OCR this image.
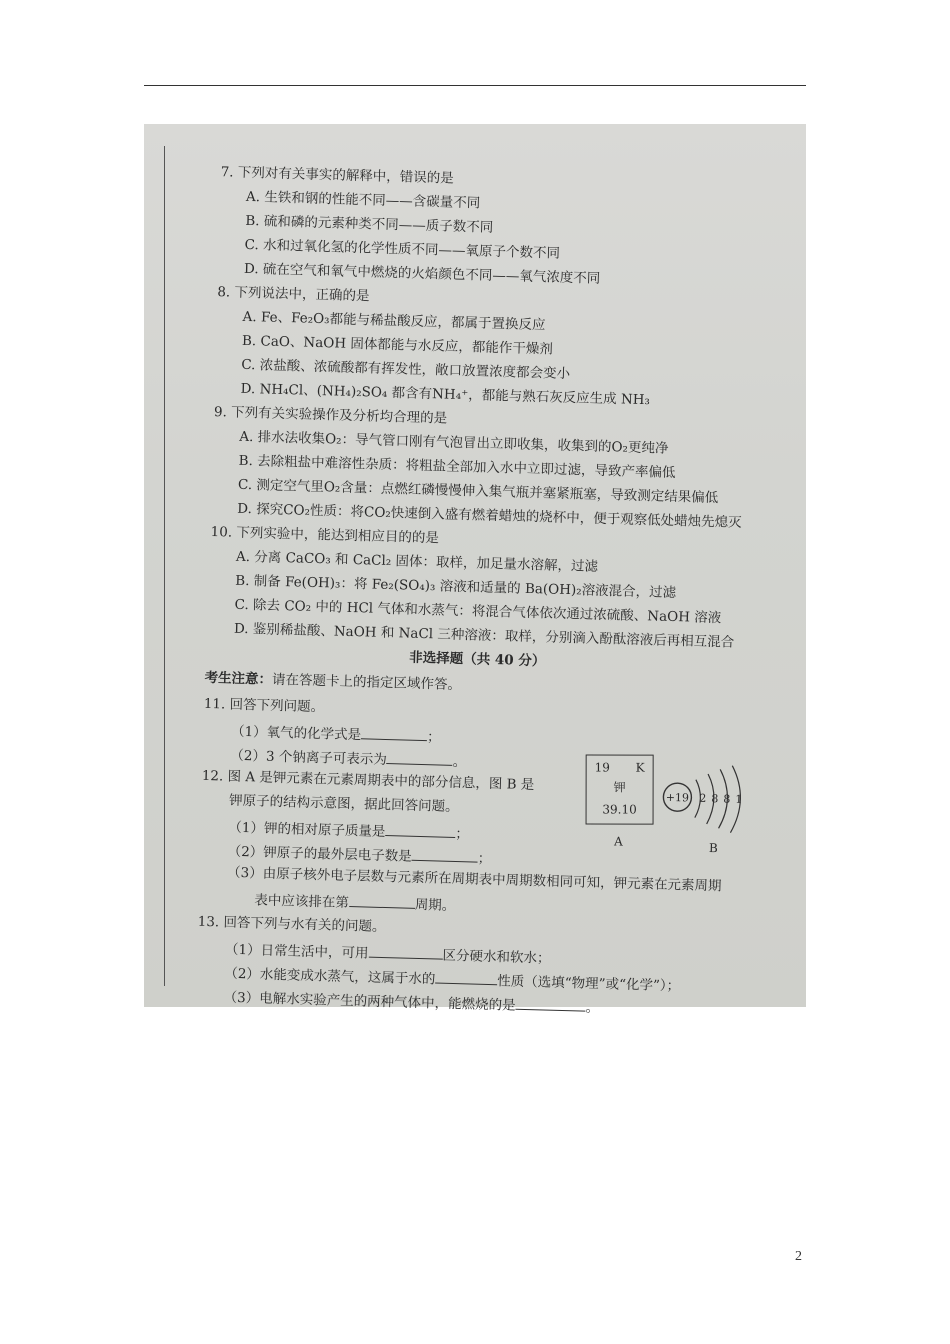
7. 下列对有关事实的解释中，错误的是
A. 生铁和钢的性能不同——含碳量不同
B. 硫和磷的元素种类不同——质子数不同
C. 水和过氧化氢的化学性质不同——氧原子个数不同
D. 硫在空气和氧气中燃烧的火焰颜色不同——氧气浓度不同
8. 下列说法中，正确的是
A. Fe、Fe₂O₃都能与稀盐酸反应，都属于置换反应
B. CaO、NaOH 固体都能与水反应，都能作干燥剂
C. 浓盐酸、浓硫酸都有挥发性，敞口放置浓度都会变小
D. NH₄Cl、(NH₄)₂SO₄ 都含有NH₄⁺，都能与熟石灰反应生成 NH₃
9. 下列有关实验操作及分析均合理的是
A. 排水法收集O₂：导气管口刚有气泡冒出立即收集，收集到的O₂更纯净
B. 去除粗盐中难溶性杂质：将粗盐全部加入水中立即过滤，导致产率偏低
C. 测定空气里O₂含量：点燃红磷慢慢伸入集气瓶并塞紧瓶塞，导致测定结果偏低
D. 探究CO₂性质：将CO₂快速倒入盛有燃着蜡烛的烧杯中，便于观察低处蜡烛先熄灭
10. 下列实验中，能达到相应目的的是
A. 分离 CaCO₃ 和 CaCl₂ 固体：取样，加足量水溶解，过滤
B. 制备 Fe(OH)₃：将 Fe₂(SO₄)₃ 溶液和适量的 Ba(OH)₂溶液混合，过滤
C. 除去 CO₂ 中的 HCl 气体和水蒸气：将混合气体依次通过浓硫酸、NaOH 溶液
D. 鉴别稀盐酸、NaOH 和 NaCl 三种溶液：取样，分别滴入酚酞溶液后再相互混合
非选择题（共 40 分）
考生注意：请在答题卡上的指定区域作答。
11. 回答下列问题。
（1）氧气的化学式是	；
（2）3 个钠离子可表示为	。
12. 图 A 是钾元素在元素周期表中的部分信息，图 B 是
钾原子的结构示意图，据此回答问题。
（1）钾的相对原子质量是	；
（2）钾原子的最外层电子数是	；
（3）由原子核外电子层数与元素所在周期表中周期数相同可知，钾元素在元素周期
表中应该排在第	周期。
19 K
钾
39.10
A
+19 2 8 8 1
B
13. 回答下列与水有关的问题。
（1）日常生活中，可用	区分硬水和软水；
（2）水能变成水蒸气，这属于水的	性质（选填“物理”或“化学”）；
（3）电解水实验产生的两种气体中，能燃烧的是	。
2
